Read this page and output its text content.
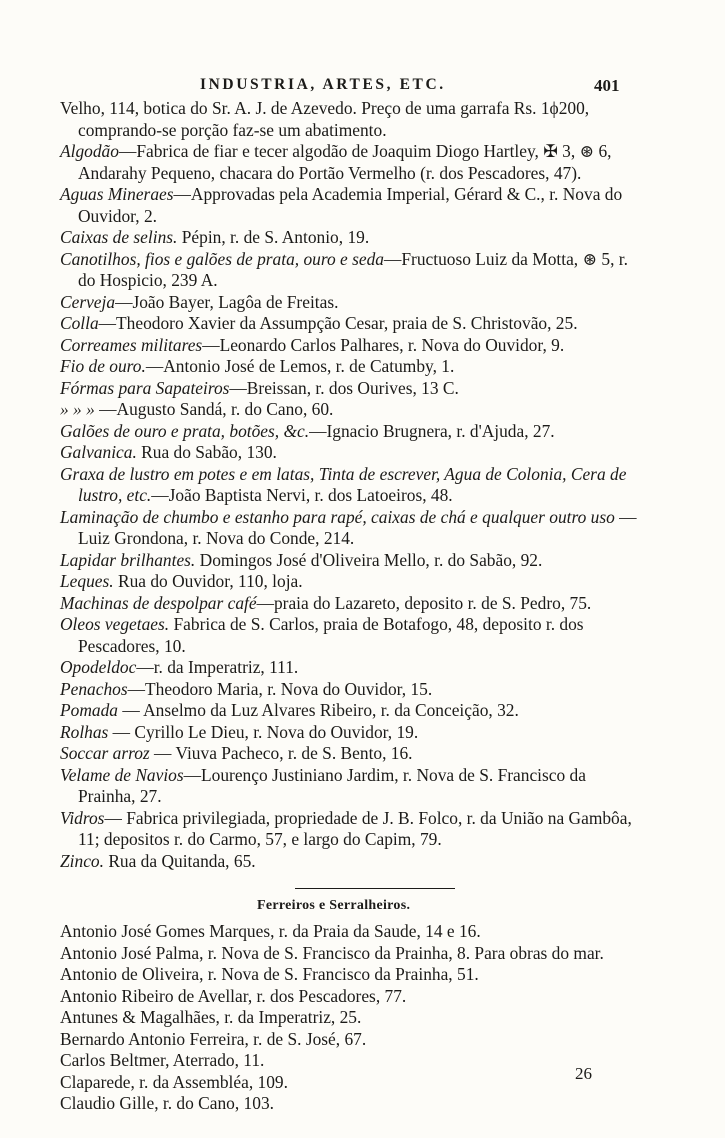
INDUSTRIA, ARTES, ETC.	401
Velho, 114, botica do Sr. A. J. de Azevedo. Preço de uma garrafa Rs. 1ϕ200, comprando-se porção faz-se um abatimento.
Algodão—Fabrica de fiar e tecer algodão de Joaquim Diogo Hartley, ✠ 3, ⊛ 6, Andarahy Pequeno, chacara do Portão Vermelho (r. dos Pescadores, 47).
Aguas Mineraes—Approvadas pela Academia Imperial, Gérard & C., r. Nova do Ouvidor, 2.
Caixas de selins. Pépin, r. de S. Antonio, 19.
Canotilhos, fios e galões de prata, ouro e seda—Fructuoso Luiz da Motta, ⊛ 5, r. do Hospicio, 239 A.
Cerveja—João Bayer, Lagôa de Freitas.
Colla—Theodoro Xavier da Assumpção Cesar, praia de S. Christovão, 25.
Correames militares—Leonardo Carlos Palhares, r. Nova do Ouvidor, 9.
Fio de ouro.—Antonio José de Lemos, r. de Catumby, 1.
Fórmas para Sapateiros—Breissan, r. dos Ourives, 13 C.
» » » —Augusto Sandá, r. do Cano, 60.
Galões de ouro e prata, botões, &c.—Ignacio Brugnera, r. d'Ajuda, 27.
Galvanica. Rua do Sabão, 130.
Graxa de lustro em potes e em latas, Tinta de escrever, Agua de Colonia, Cera de lustro, etc.—João Baptista Nervi, r. dos Latoeiros, 48.
Laminação de chumbo e estanho para rapé, caixas de chá e qualquer outro uso — Luiz Grondona, r. Nova do Conde, 214.
Lapidar brilhantes. Domingos José d'Oliveira Mello, r. do Sabão, 92.
Leques. Rua do Ouvidor, 110, loja.
Machinas de despolpar café—praia do Lazareto, deposito r. de S. Pedro, 75.
Oleos vegetaes. Fabrica de S. Carlos, praia de Botafogo, 48, deposito r. dos Pescadores, 10.
Opodeldoc—r. da Imperatriz, 111.
Penachos—Theodoro Maria, r. Nova do Ouvidor, 15.
Pomada — Anselmo da Luz Alvares Ribeiro, r. da Conceição, 32.
Rolhas — Cyrillo Le Dieu, r. Nova do Ouvidor, 19.
Soccar arroz — Viuva Pacheco, r. de S. Bento, 16.
Velame de Navios—Lourenço Justiniano Jardim, r. Nova de S. Francisco da Prainha, 27.
Vidros— Fabrica privilegiada, propriedade de J. B. Folco, r. da União na Gambôa, 11; depositos r. do Carmo, 57, e largo do Capim, 79.
Zinco. Rua da Quitanda, 65.
Ferreiros e Serralheiros.
Antonio José Gomes Marques, r. da Praia da Saude, 14 e 16.
Antonio José Palma, r. Nova de S. Francisco da Prainha, 8. Para obras do mar.
Antonio de Oliveira, r. Nova de S. Francisco da Prainha, 51.
Antonio Ribeiro de Avellar, r. dos Pescadores, 77.
Antunes & Magalhães, r. da Imperatriz, 25.
Bernardo Antonio Ferreira, r. de S. José, 67.
Carlos Beltmer, Aterrado, 11.
Claparede, r. da Assembléa, 109.
Claudio Gille, r. do Cano, 103.
26
